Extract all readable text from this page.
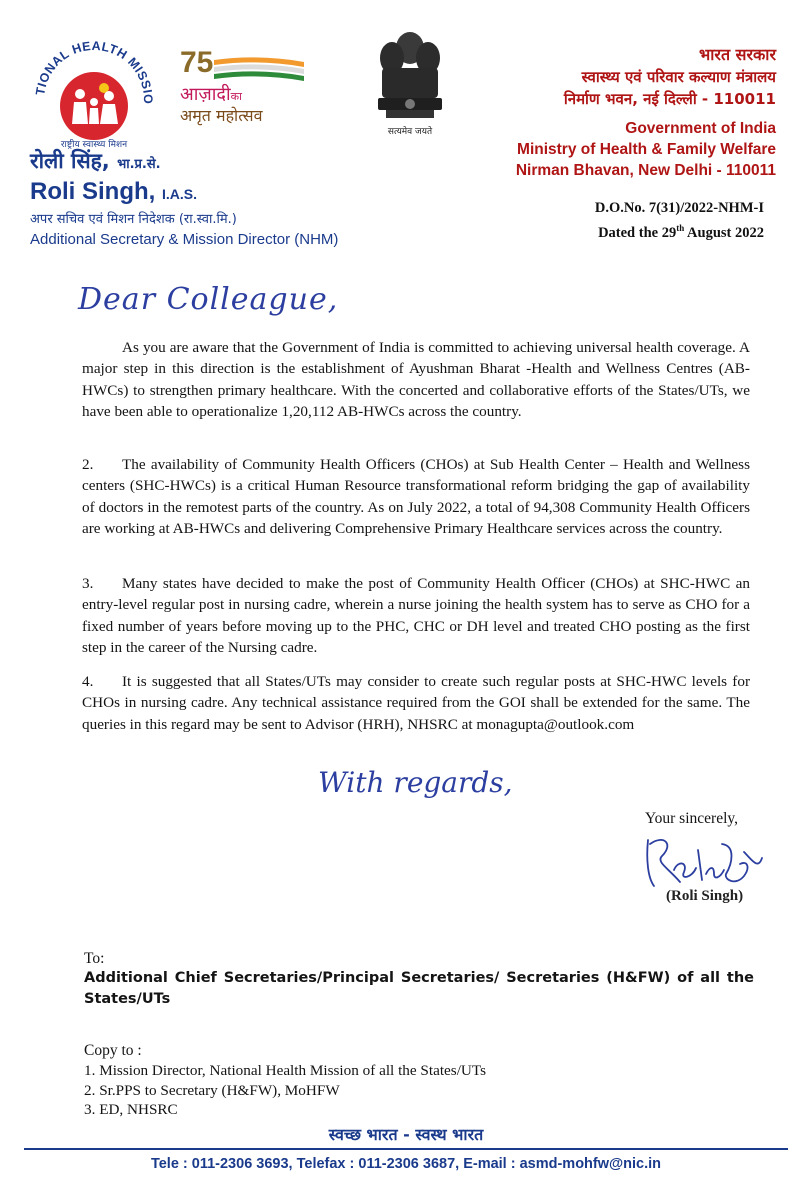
TIONAL HEALTH MISSIO
राष्ट्रीय स्वास्थ्य मिशन
75
आज़ादीका
अमृत महोत्सव
सत्यमेव जयते
भारत सरकार
स्वास्थ्य एवं परिवार कल्याण मंत्रालय
निर्माण भवन, नई दिल्ली - 110011
Government of India
Ministry of Health & Family Welfare
Nirman Bhavan, New Delhi - 110011
रोली सिंह, भा.प्र.से.
Roli Singh, I.A.S.
अपर सचिव एवं मिशन निदेशक (रा.स्वा.मि.)
Additional Secretary & Mission Director (NHM)
D.O.No. 7(31)/2022-NHM-I
Dated the 29th August 2022
Dear Colleague,
As you are aware that the Government of India is committed to achieving universal health coverage. A major step in this direction is the establishment of Ayushman Bharat -Health and Wellness Centres (AB-HWCs) to strengthen primary healthcare. With the concerted and collaborative efforts of the States/UTs, we have been able to operationalize 1,20,112 AB-HWCs across the country.
2. The availability of Community Health Officers (CHOs) at Sub Health Center – Health and Wellness centers (SHC-HWCs) is a critical Human Resource transformational reform bridging the gap of availability of doctors in the remotest parts of the country. As on July 2022, a total of 94,308 Community Health Officers are working at AB-HWCs and delivering Comprehensive Primary Healthcare services across the country.
3. Many states have decided to make the post of Community Health Officer (CHOs) at SHC-HWC an entry-level regular post in nursing cadre, wherein a nurse joining the health system has to serve as CHO for a fixed number of years before moving up to the PHC, CHC or DH level and treated CHO posting as the first step in the career of the Nursing cadre.
4. It is suggested that all States/UTs may consider to create such regular posts at SHC-HWC levels for CHOs in nursing cadre. Any technical assistance required from the GOI shall be extended for the same. The queries in this regard may be sent to Advisor (HRH), NHSRC at monagupta@outlook.com
With regards,
Your sincerely,
(Roli Singh)
To:
Additional Chief Secretaries/Principal Secretaries/ Secretaries (H&FW) of all the States/UTs
Copy to :
1. Mission Director, National Health Mission of all the States/UTs
2. Sr.PPS to Secretary (H&FW), MoHFW
3. ED, NHSRC
स्वच्छ भारत - स्वस्थ भारत
Tele : 011-2306 3693, Telefax : 011-2306 3687, E-mail : asmd-mohfw@nic.in
